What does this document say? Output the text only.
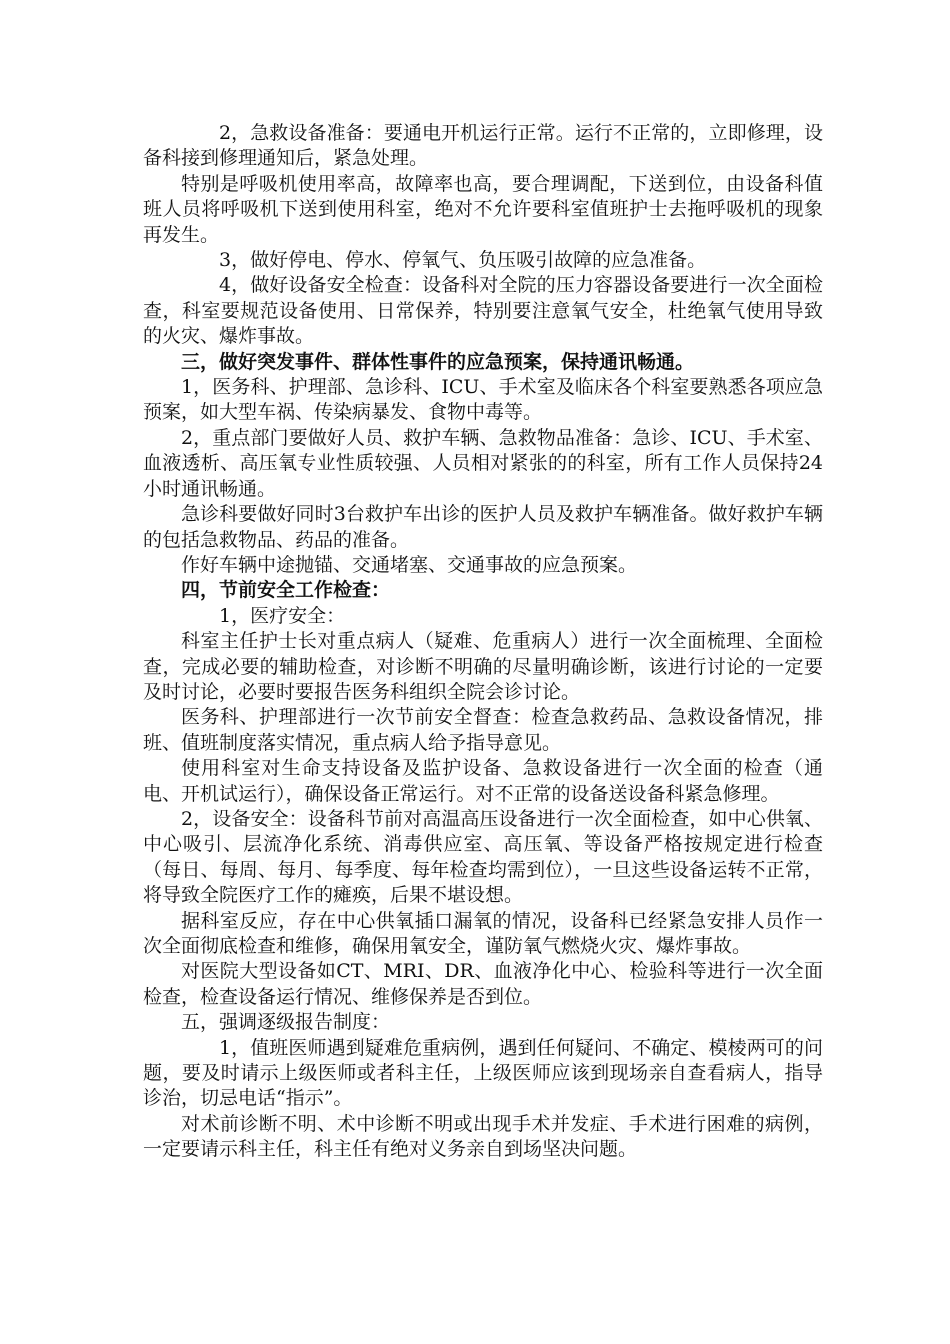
2，急救设备准备：要通电开机运行正常。运行不正常的，立即修理，设备科接到修理通知后，紧急处理。

特别是呼吸机使用率高，故障率也高，要合理调配，下送到位，由设备科值班人员将呼吸机下送到使用科室，绝对不允许要科室值班护士去拖呼吸机的现象再发生。

3，做好停电、停水、停氧气、负压吸引故障的应急准备。

4，做好设备安全检查：设备科对全院的压力容器设备要进行一次全面检查，科室要规范设备使用、日常保养，特别要注意氧气安全，杜绝氧气使用导致的火灾、爆炸事故。

三，做好突发事件、群体性事件的应急预案，保持通讯畅通。

1，医务科、护理部、急诊科、ICU、手术室及临床各个科室要熟悉各项应急预案，如大型车祸、传染病暴发、食物中毒等。

2，重点部门要做好人员、救护车辆、急救物品准备：急诊、ICU、手术室、血液透析、高压氧专业性质较强、人员相对紧张的的科室，所有工作人员保持24小时通讯畅通。

急诊科要做好同时3台救护车出诊的医护人员及救护车辆准备。做好救护车辆的包括急救物品、药品的准备。

作好车辆中途抛锚、交通堵塞、交通事故的应急预案。

四，节前安全工作检查：

1，医疗安全：

科室主任护士长对重点病人（疑难、危重病人）进行一次全面梳理、全面检查，完成必要的辅助检查，对诊断不明确的尽量明确诊断，该进行讨论的一定要及时讨论，必要时要报告医务科组织全院会诊讨论。

医务科、护理部进行一次节前安全督查：检查急救药品、急救设备情况，排班、值班制度落实情况，重点病人给予指导意见。

使用科室对生命支持设备及监护设备、急救设备进行一次全面的检查（通电、开机试运行），确保设备正常运行。对不正常的设备送设备科紧急修理。

2，设备安全：设备科节前对高温高压设备进行一次全面检查，如中心供氧、中心吸引、层流净化系统、消毒供应室、高压氧、等设备严格按规定进行检查（每日、每周、每月、每季度、每年检查均需到位），一旦这些设备运转不正常，将导致全院医疗工作的瘫痪，后果不堪设想。

据科室反应，存在中心供氧插口漏氧的情况，设备科已经紧急安排人员作一次全面彻底检查和维修，确保用氧安全，谨防氧气燃烧火灾、爆炸事故。

对医院大型设备如CT、MRI、DR、血液净化中心、检验科等进行一次全面检查，检查设备运行情况、维修保养是否到位。

五，强调逐级报告制度：

1，值班医师遇到疑难危重病例，遇到任何疑问、不确定、模棱两可的问题，要及时请示上级医师或者科主任，上级医师应该到现场亲自查看病人，指导诊治，切忌电话“指示”。

对术前诊断不明、术中诊断不明或出现手术并发症、手术进行困难的病例，一定要请示科主任，科主任有绝对义务亲自到场坚决问题。
